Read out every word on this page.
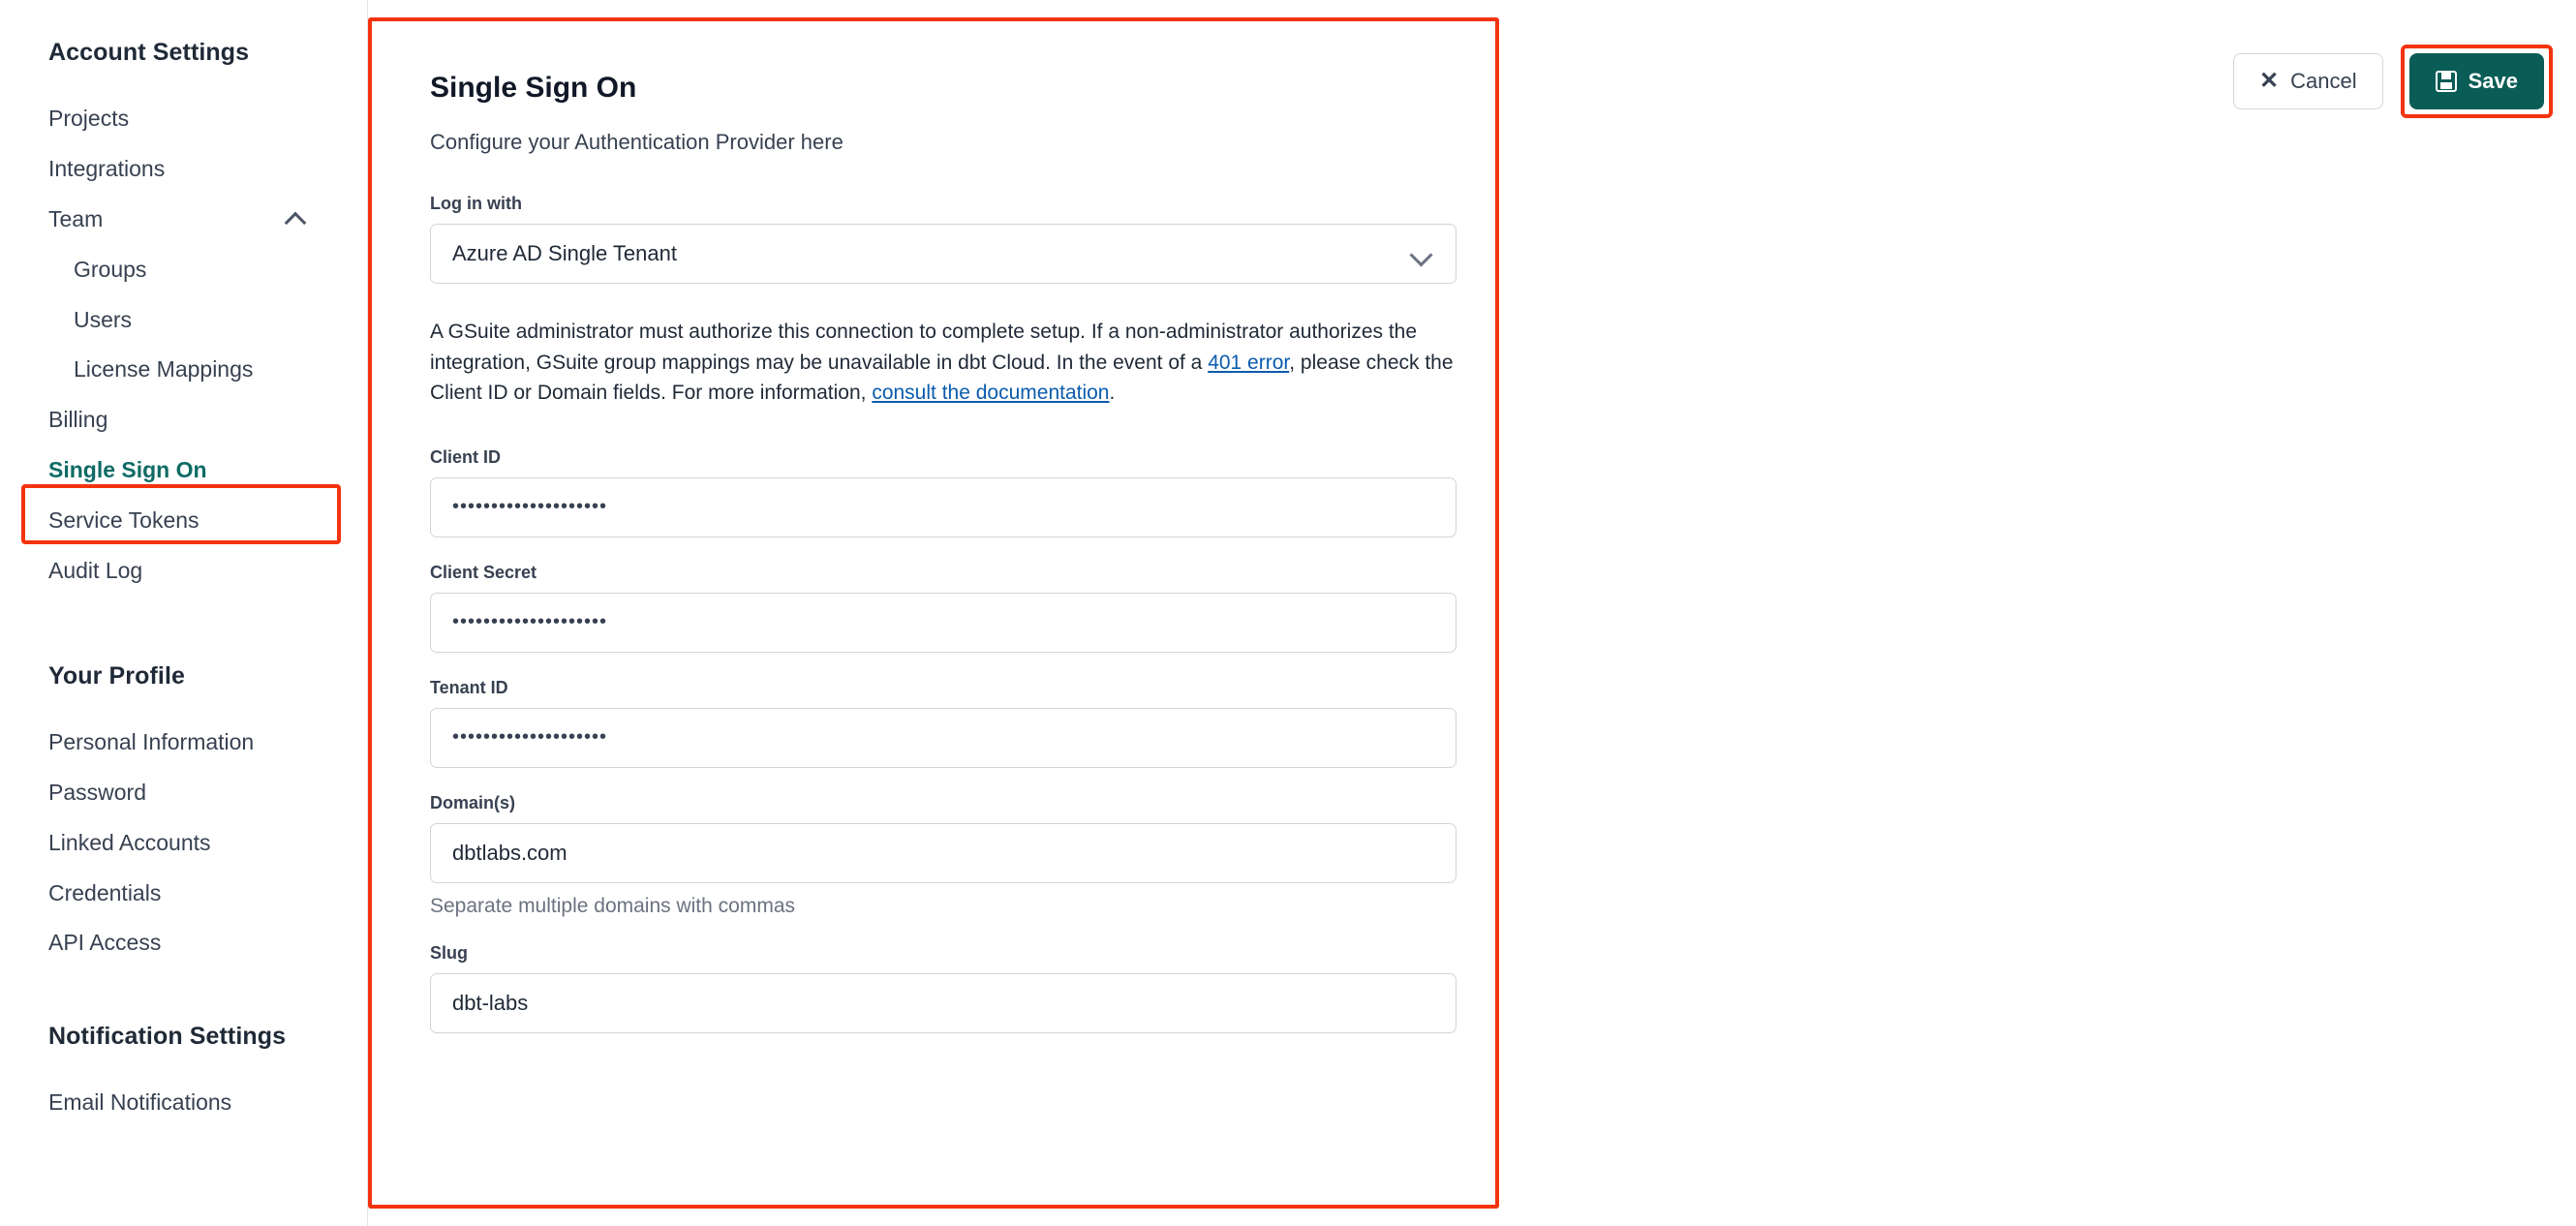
Account Settings
Projects
Integrations
Team
Groups
Users
License Mappings
Billing
Single Sign On
Service Tokens
Audit Log
Your Profile
Personal Information
Password
Linked Accounts
Credentials
API Access
Notification Settings
Email Notifications
Single Sign On
Configure your Authentication Provider here
Log in with
Azure AD Single Tenant
A GSuite administrator must authorize this connection to complete setup. If a non-administrator authorizes the integration, GSuite group mappings may be unavailable in dbt Cloud. In the event of a 401 error, please check the Client ID or Domain fields. For more information, consult the documentation.
Client ID
••••••••••••••••••••
Client Secret
••••••••••••••••••••
Tenant ID
••••••••••••••••••••
Domain(s)
dbtlabs.com
Separate multiple domains with commas
Slug
dbt-labs
✕ Cancel	Save
